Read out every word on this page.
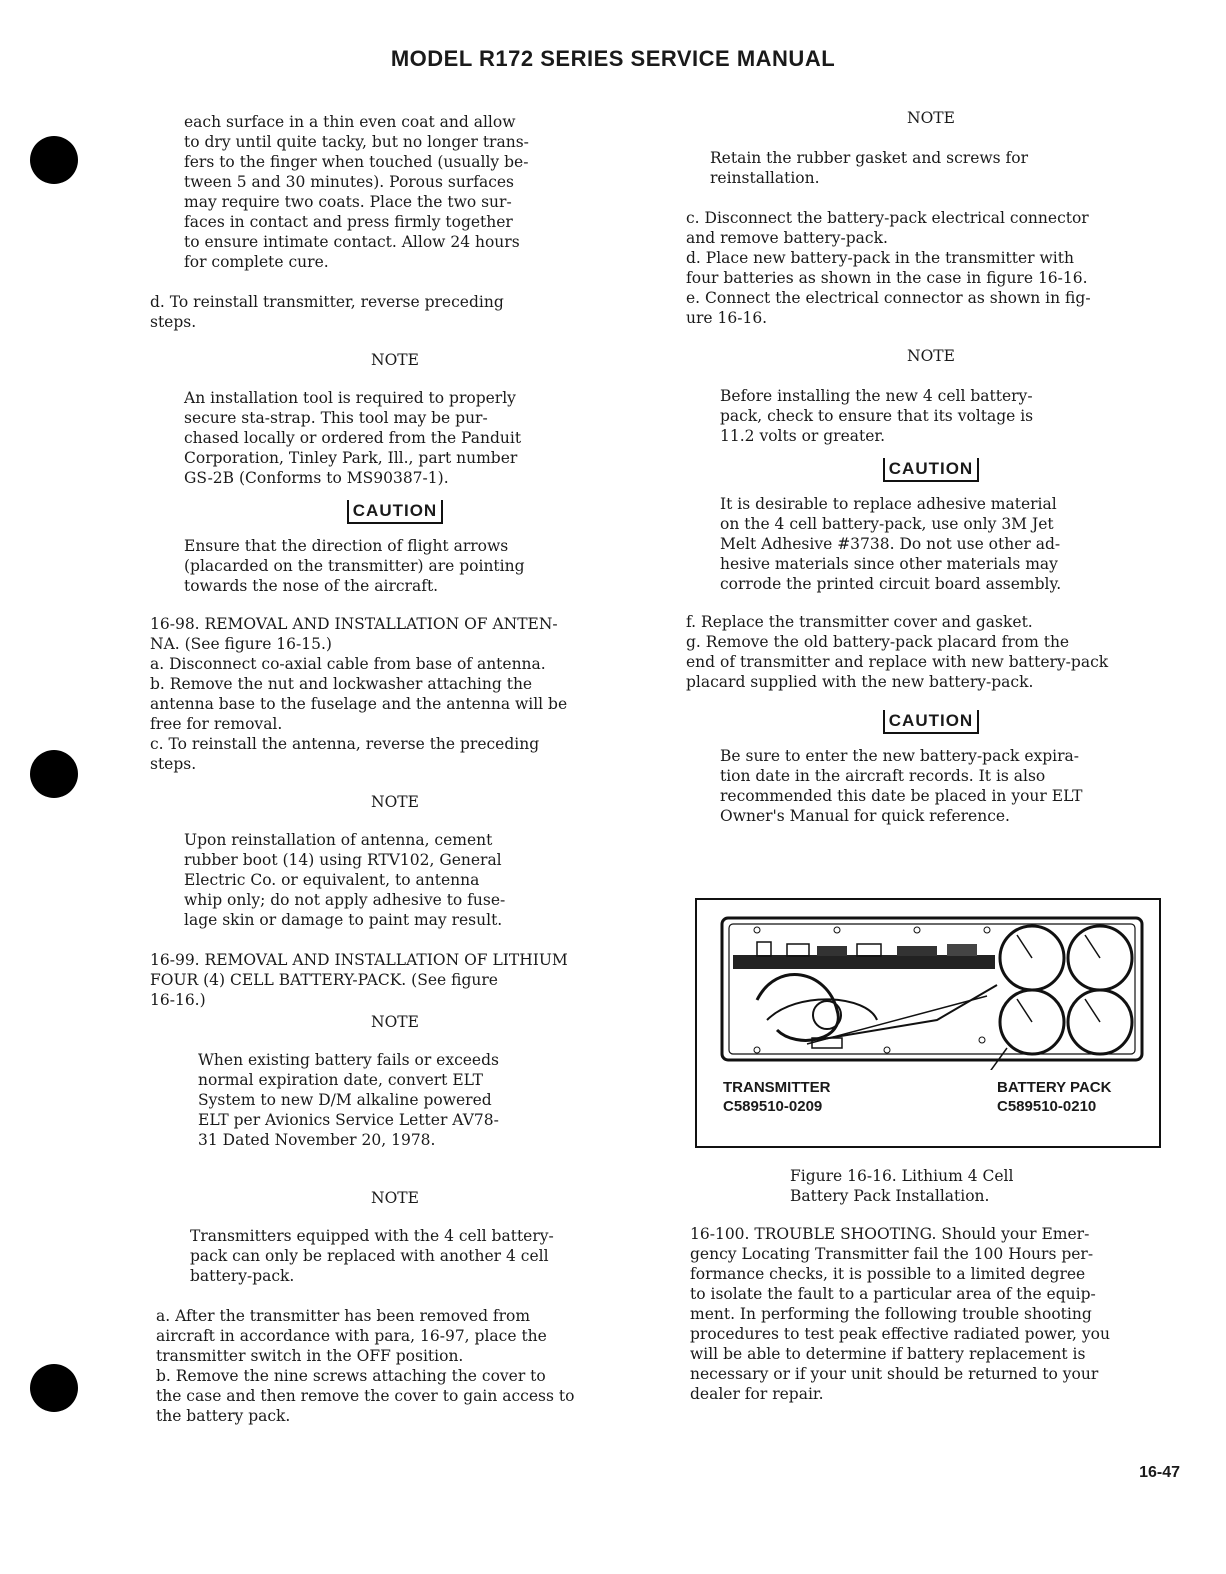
MODEL R172 SERIES SERVICE MANUAL

each surface in a thin even coat and allow
to dry until quite tacky, but no longer trans-
fers to the finger when touched (usually be-
tween 5 and 30 minutes). Porous surfaces
may require two coats. Place the two sur-
faces in contact and press firmly together
to ensure intimate contact. Allow 24 hours
for complete cure.

d. To reinstall transmitter, reverse preceding
steps.

NOTE

An installation tool is required to properly
secure sta-strap. This tool may be pur-
chased locally or ordered from the Panduit
Corporation, Tinley Park, Ill., part number
GS-2B (Conforms to MS90387-1).

CAUTION

Ensure that the direction of flight arrows
(placarded on the transmitter) are pointing
towards the nose of the aircraft.

16-98. REMOVAL AND INSTALLATION OF ANTEN-
NA. (See figure 16-15.)
a. Disconnect co-axial cable from base of antenna.
b. Remove the nut and lockwasher attaching the
antenna base to the fuselage and the antenna will be
free for removal.
c. To reinstall the antenna, reverse the preceding
steps.

NOTE

Upon reinstallation of antenna, cement
rubber boot (14) using RTV102, General
Electric Co. or equivalent, to antenna
whip only; do not apply adhesive to fuse-
lage skin or damage to paint may result.

16-99. REMOVAL AND INSTALLATION OF LITHIUM
FOUR (4) CELL BATTERY-PACK. (See figure
16-16.)

NOTE

When existing battery fails or exceeds
normal expiration date, convert ELT
System to new D/M alkaline powered
ELT per Avionics Service Letter AV78-
31 Dated November 20, 1978.

NOTE

Transmitters equipped with the 4 cell battery-
pack can only be replaced with another 4 cell
battery-pack.

a. After the transmitter has been removed from
aircraft in accordance with para, 16-97, place the
transmitter switch in the OFF position.
b. Remove the nine screws attaching the cover to
the case and then remove the cover to gain access to
the battery pack.

NOTE

Retain the rubber gasket and screws for
reinstallation.

c. Disconnect the battery-pack electrical connector
and remove battery-pack.
d. Place new battery-pack in the transmitter with
four batteries as shown in the case in figure 16-16.
e. Connect the electrical connector as shown in fig-
ure 16-16.

NOTE

Before installing the new 4 cell battery-
pack, check to ensure that its voltage is
11.2 volts or greater.

CAUTION

It is desirable to replace adhesive material
on the 4 cell battery-pack, use only 3M Jet
Melt Adhesive #3738. Do not use other ad-
hesive materials since other materials may
corrode the printed circuit board assembly.

f. Replace the transmitter cover and gasket.
g. Remove the old battery-pack placard from the
end of transmitter and replace with new battery-pack
placard supplied with the new battery-pack.

CAUTION

Be sure to enter the new battery-pack expira-
tion date in the aircraft records. It is also
recommended this date be placed in your ELT
Owner's Manual for quick reference.

TRANSMITTER
C589510-0209
BATTERY PACK
C589510-0210
Figure 16-16. Lithium 4 Cell
Battery Pack Installation.

16-100. TROUBLE SHOOTING. Should your Emer-
gency Locating Transmitter fail the 100 Hours per-
formance checks, it is possible to a limited degree
to isolate the fault to a particular area of the equip-
ment. In performing the following trouble shooting
procedures to test peak effective radiated power, you
will be able to determine if battery replacement is
necessary or if your unit should be returned to your
dealer for repair.

16-47
